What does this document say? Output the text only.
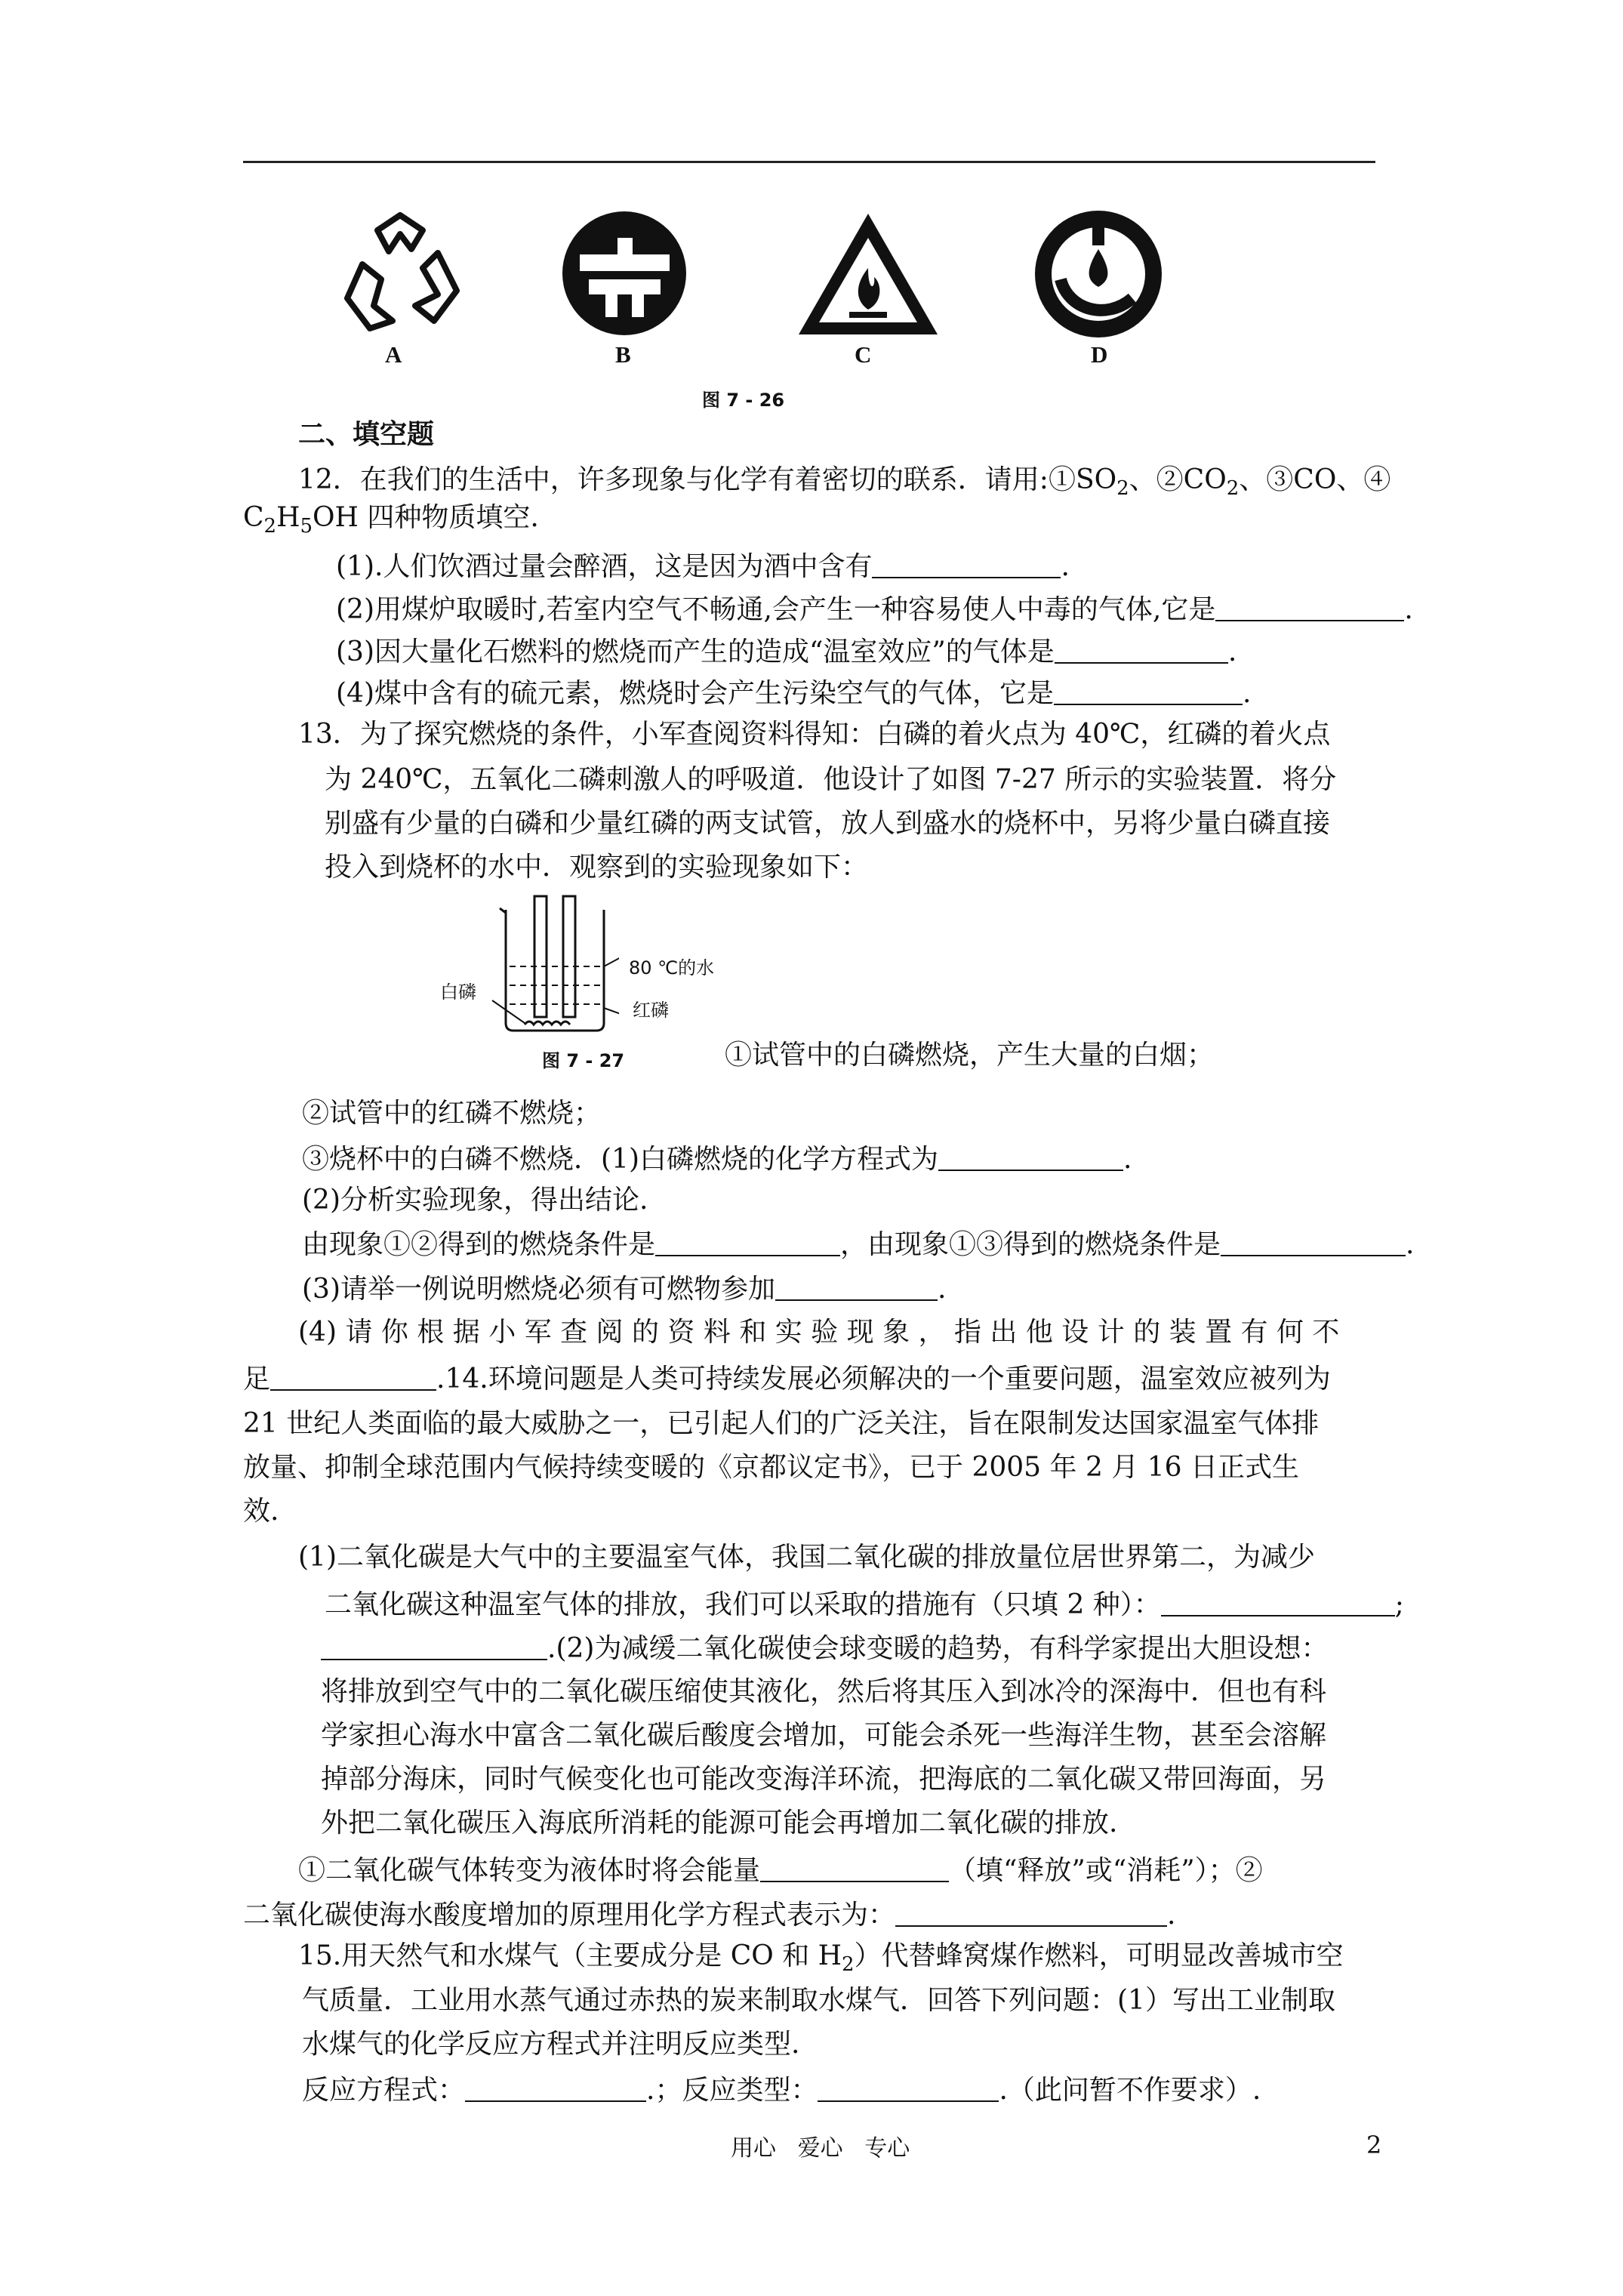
A	B	C	D
图 7 - 26
二、填空题
12．在我们的生活中，许多现象与化学有着密切的联系．请用$:①SO_2$、$②CO_2$、③CO、④
$C_2H_5OH$ 四种物质填空.
(1).人们饮酒过量会醉酒，这是因为酒中含有	.
(2)用煤炉取暖时,若室内空气不畅通,会产生一种容易使人中毒的气体,它是	.
(3)因大量化石燃料的燃烧而产生的造成“温室效应”的气体是	.
(4)煤中含有的硫元素，燃烧时会产生污染空气的气体，它是	.
13．为了探究燃烧的条件，小军查阅资料得知：白磷的着火点为 40℃，红磷的着火点
为 240℃，五氧化二磷刺激人的呼吸道．他设计了如图 7-27 所示的实验装置．将分
别盛有少量的白磷和少量红磷的两支试管，放人到盛水的烧杯中，另将少量白磷直接
投入到烧杯的水中．观察到的实验现象如下：
80 ℃的水
白磷
红磷
图 7 - 27	①试管中的白磷燃烧，产生大量的白烟；
②试管中的红磷不燃烧；
③烧杯中的白磷不燃烧．(1)白磷燃烧的化学方程式为	.
(2)分析实验现象，得出结论.
由现象①②得到的燃烧条件是	，由现象①③得到的燃烧条件是	.
(3)请举一例说明燃烧必须有可燃物参加	.
(4) 请 你 根 据 小 军 查 阅 的 资 料 和 实 验 现 象 ， 指 出 他 设 计 的 装 置 有 何 不
足	.14.环境问题是人类可持续发展必须解决的一个重要问题，温室效应被列为
21 世纪人类面临的最大威胁之一，已引起人们的广泛关注，旨在限制发达国家温室气体排
放量、抑制全球范围内气候持续变暖的《京都议定书》，已于 2005 年 2 月 16 日正式生
效.
(1)二氧化碳是大气中的主要温室气体，我国二氧化碳的排放量位居世界第二，为减少
二氧化碳这种温室气体的排放，我们可以采取的措施有（只填 2 种）：	;
.(2)为减缓二氧化碳使会球变暖的趋势，有科学家提出大胆设想：
将排放到空气中的二氧化碳压缩使其液化，然后将其压入到冰冷的深海中．但也有科
学家担心海水中富含二氧化碳后酸度会增加，可能会杀死一些海洋生物，甚至会溶解
掉部分海床，同时气候变化也可能改变海洋环流，把海底的二氧化碳又带回海面，另
外把二氧化碳压入海底所消耗的能源可能会再增加二氧化碳的排放.
①二氧化碳气体转变为液体时将会能量	（填“释放”或“消耗”）；②
二氧化碳使海水酸度增加的原理用化学方程式表示为：	.
15.用天然气和水煤气（主要成分是 CO 和 $H_2$）代替蜂窝煤作燃料，可明显改善城市空
气质量．工业用水蒸气通过赤热的炭来制取水煤气．回答下列问题：(1）写出工业制取
水煤气的化学反应方程式并注明反应类型.
反应方程式：	.；反应类型：	.（此问暂不作要求）.
用心   爱心   专心	2
